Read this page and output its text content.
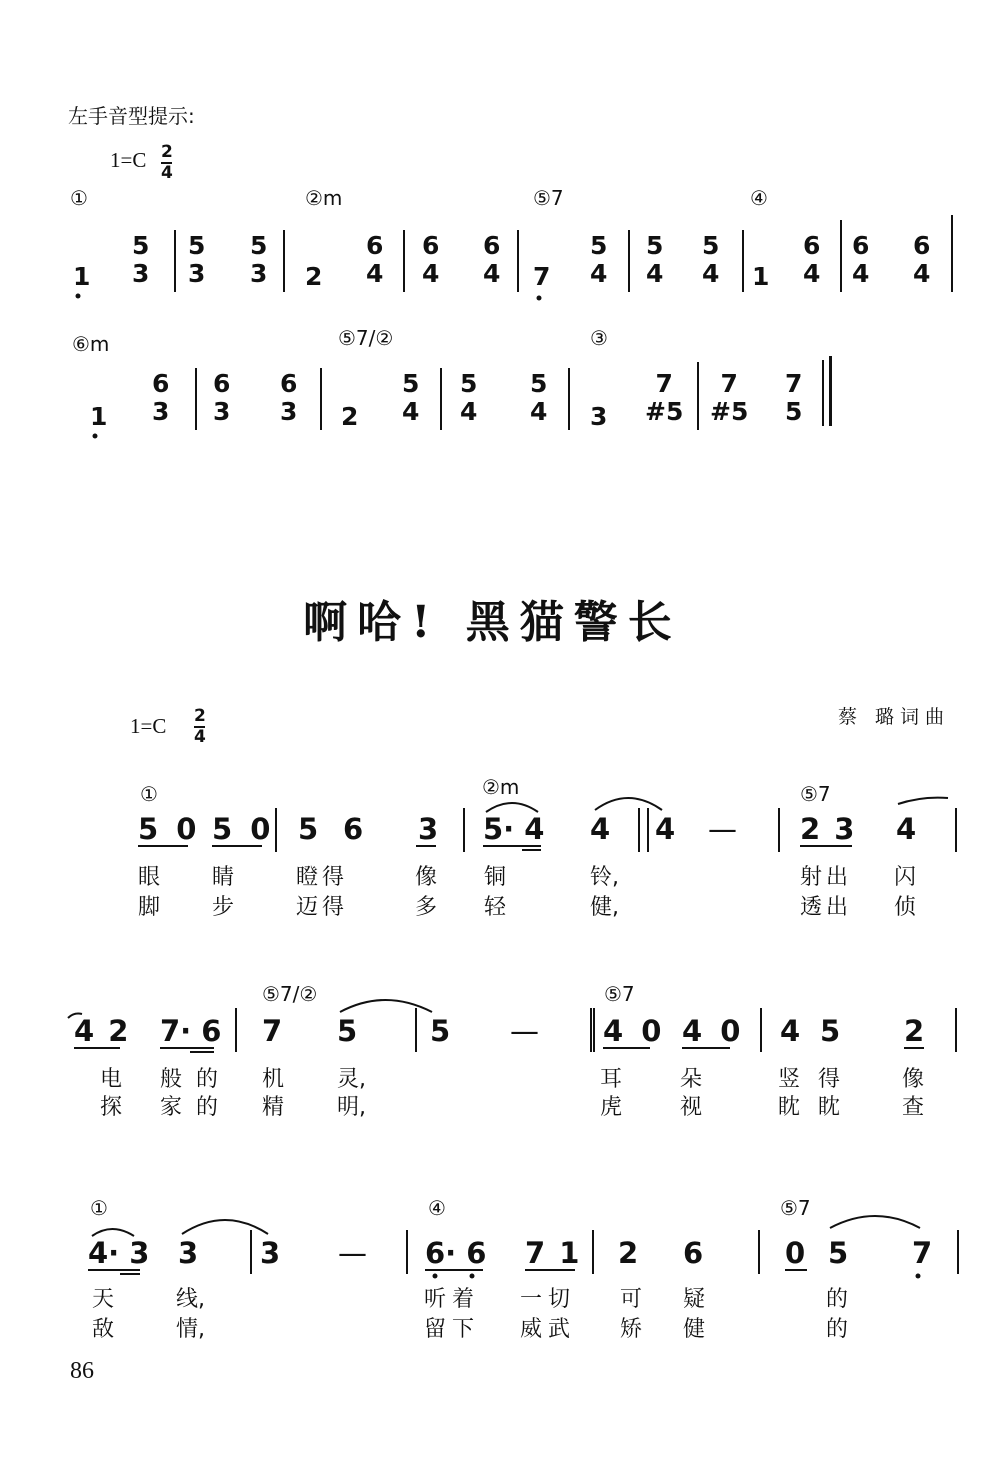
左手音型提示:
1=C 2
4
①	②m	⑤7	④
1	2	7	1
5
3
5
3
5
3
6
4
6
4
6
4
5
4
5
4
5
4
6
4
6
4
6
4
6
3
6
3
6
3
5
4
5
4
5
4
7
#5
7
#5
7
5
⑥m	⑤7/②	③
1	2	3
啊哈! 黑猫警长
蔡 璐词曲
1=C 2
4
①	②m	⑤7
5 0 5 0 5 6 3 5· 4 4 4 — 2 3 4
眼 睛	瞪得	像 铜	铃,	射出 闪
脚 步	迈得	多 轻	健,	透出 侦
⑤7/②	⑤7
4 2 7· 6 7 5	5 — 4 0 4 0 4 5 2
电 般的 机 灵,	耳	朵	竖得 像
探 家的 精 明,	虎	视	眈眈 查
①	④	⑤7
4· 3 3 3 — 6· 6 7 1 2 6	0 5 7
天	线,	听着 一切 可 疑	的
敌	情,	留下 威武 矫 健	的
86
